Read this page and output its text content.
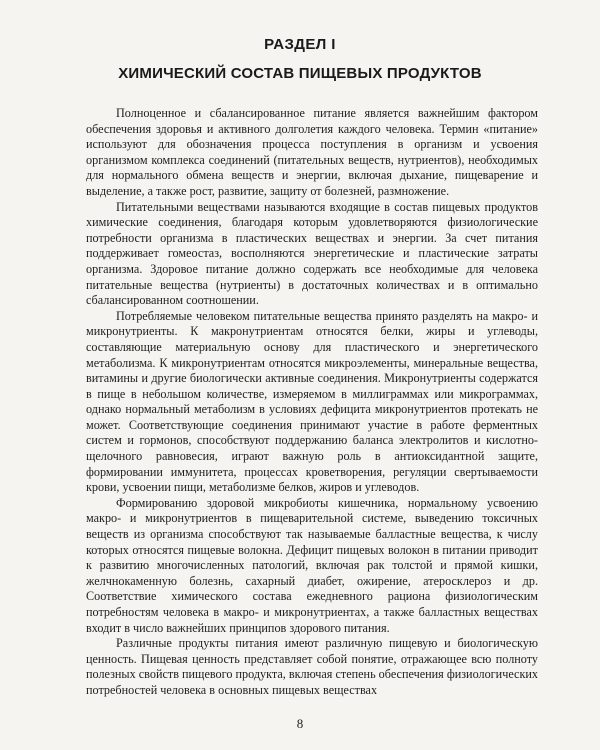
РАЗДЕЛ I
ХИМИЧЕСКИЙ СОСТАВ ПИЩЕВЫХ ПРОДУКТОВ

Полноценное и сбалансированное питание является важнейшим фактором обеспечения здоровья и активного долголетия каждого человека. Термин «питание» используют для обозначения процесса поступления в организм и усвоения организмом комплекса соединений (питательных веществ, нутриентов), необходимых для нормального обмена веществ и энергии, включая дыхание, пищеварение и выделение, а также рост, развитие, защиту от болезней, размножение.

Питательными веществами называются входящие в состав пищевых продуктов химические соединения, благодаря которым удовлетворяются физиологические потребности организма в пластических веществах и энергии. За счет питания поддерживает гомеостаз, восполняются энергетические и пластические затраты организма. Здоровое питание должно содержать все необходимые для человека питательные вещества (нутриенты) в достаточных количествах и в оптимально сбалансированном соотношении.

Потребляемые человеком питательные вещества принято разделять на макро- и микронутриенты. К макронутриентам относятся белки, жиры и углеводы, составляющие материальную основу для пластического и энергетического метаболизма. К микронутриентам относятся микроэлементы, минеральные вещества, витамины и другие биологически активные соединения. Микронутриенты содержатся в пище в небольшом количестве, измеряемом в миллиграммах или микрограммах, однако нормальный метаболизм в условиях дефицита микронутриентов протекать не может. Соответствующие соединения принимают участие в работе ферментных систем и гормонов, способствуют поддержанию баланса электролитов и кислотно-щелочного равновесия, играют важную роль в антиоксидантной защите, формировании иммунитета, процессах кроветворения, регуляции свертываемости крови, усвоении пищи, метаболизме белков, жиров и углеводов.

Формированию здоровой микробиоты кишечника, нормальному усвоению макро- и микронутриентов в пищеварительной системе, выведению токсичных веществ из организма способствуют так называемые балластные вещества, к числу которых относятся пищевые волокна. Дефицит пищевых волокон в питании приводит к развитию многочисленных патологий, включая рак толстой и прямой кишки, желчнокаменную болезнь, сахарный диабет, ожирение, атеросклероз и др. Соответствие химического состава ежедневного рациона физиологическим потребностям человека в макро- и микронутриентах, а также балластных веществах входит в число важнейших принципов здорового питания.

Различные продукты питания имеют различную пищевую и биологическую ценность. Пищевая ценность представляет собой понятие, отражающее всю полноту полезных свойств пищевого продукта, включая степень обеспечения физиологических потребностей человека в основных пищевых веществах

8
